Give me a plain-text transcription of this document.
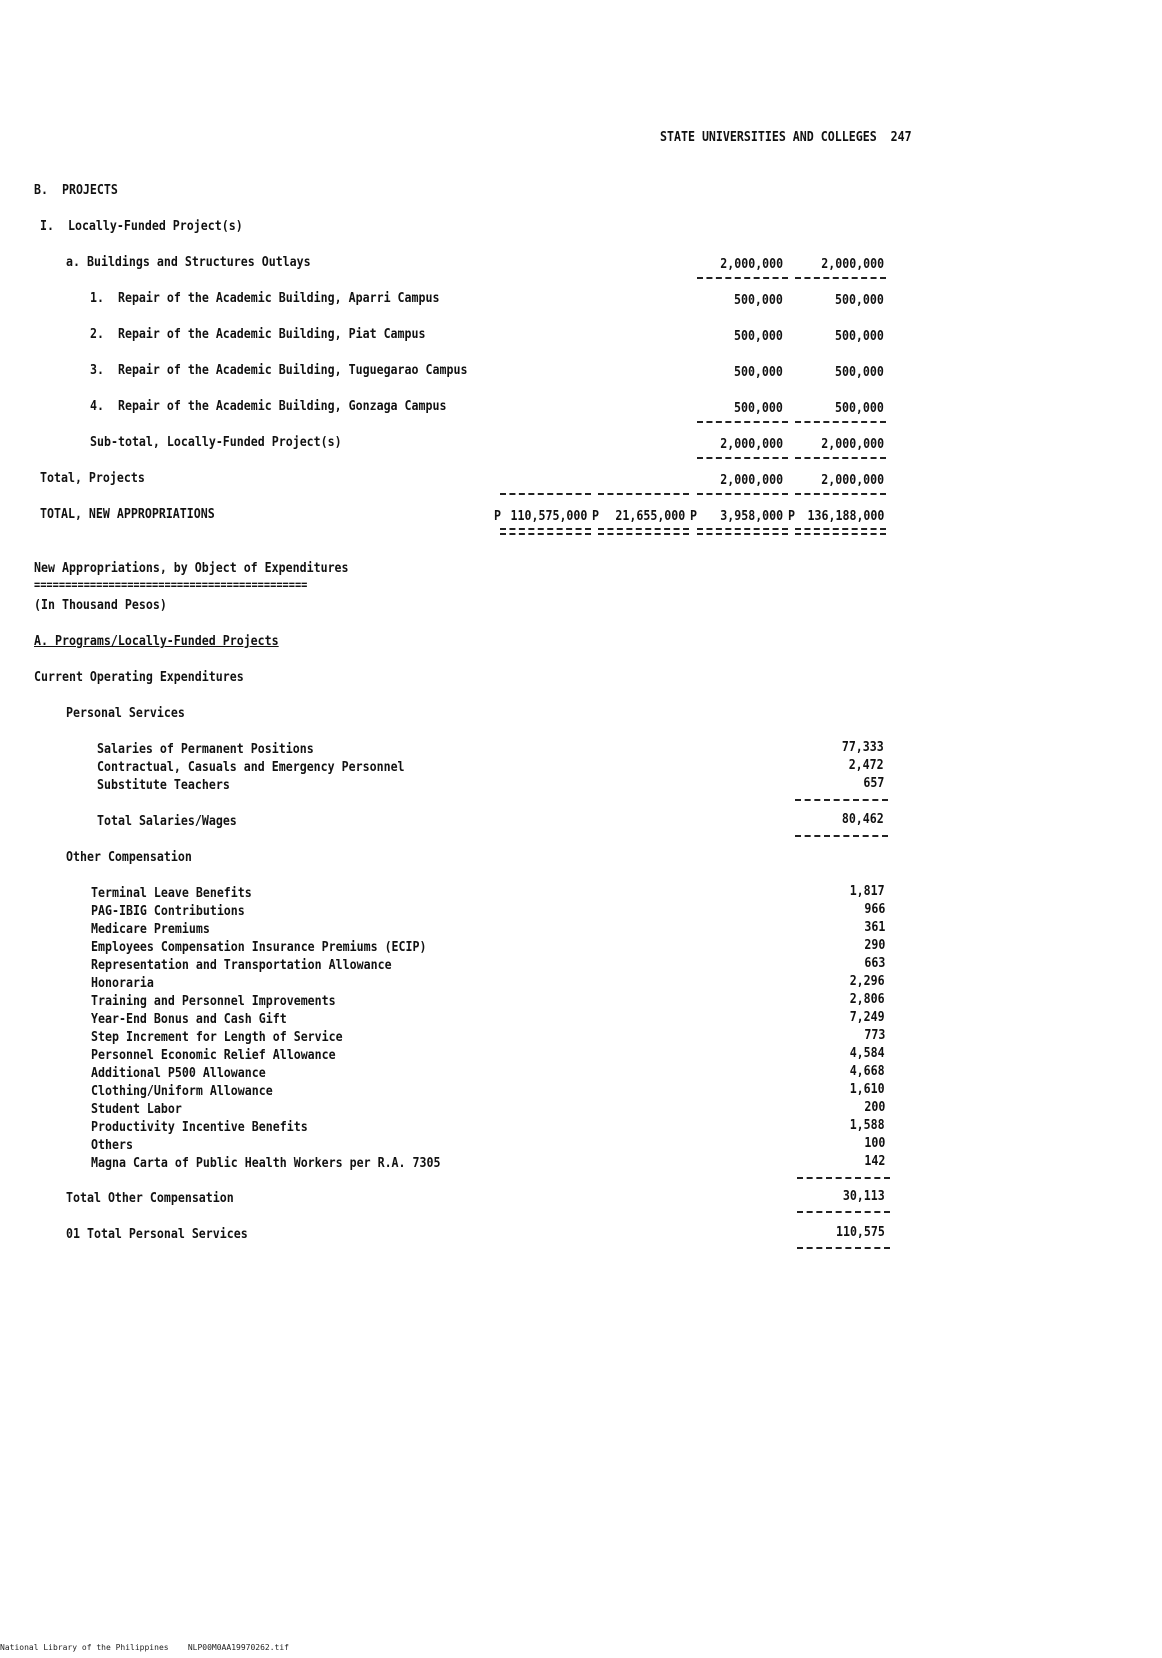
STATE UNIVERSITIES AND COLLEGES 247
B.  PROJECTS
I.  Locally-Funded Project(s)
a. Buildings and Structures Outlays	2,000,000	2,000,000
1.  Repair of the Academic Building, Aparri Campus	500,000	500,000
2.  Repair of the Academic Building, Piat Campus	500,000	500,000
3.  Repair of the Academic Building, Tuguegarao Campus	500,000	500,000
4.  Repair of the Academic Building, Gonzaga Campus	500,000	500,000
Sub-total, Locally-Funded Project(s)	2,000,000	2,000,000
Total, Projects	2,000,000	2,000,000
TOTAL, NEW APPROPRIATIONS	P 110,575,000 P 21,655,000 P 3,958,000 P 136,188,000
New Appropriations, by Object of Expenditures
============================================
(In Thousand Pesos)
A. Programs/Locally-Funded Projects
Current Operating Expenditures
Personal Services
Salaries of Permanent Positions	77,333
Contractual, Casuals and Emergency Personnel	2,472
Substitute Teachers	657
Total Salaries/Wages	80,462
Other Compensation
Terminal Leave Benefits	1,817
PAG-IBIG Contributions	966
Medicare Premiums	361
Employees Compensation Insurance Premiums (ECIP)	290
Representation and Transportation Allowance	663
Honoraria	2,296
Training and Personnel Improvements	2,806
Year-End Bonus and Cash Gift	7,249
Step Increment for Length of Service	773
Personnel Economic Relief Allowance	4,584
Additional P500 Allowance	4,668
Clothing/Uniform Allowance	1,610
Student Labor	200
Productivity Incentive Benefits	1,588
Others	100
Magna Carta of Public Health Workers per R.A. 7305	142
Total Other Compensation	30,113
01 Total Personal Services	110,575
National Library of the Philippines NLP00M0AA19970262.tif
